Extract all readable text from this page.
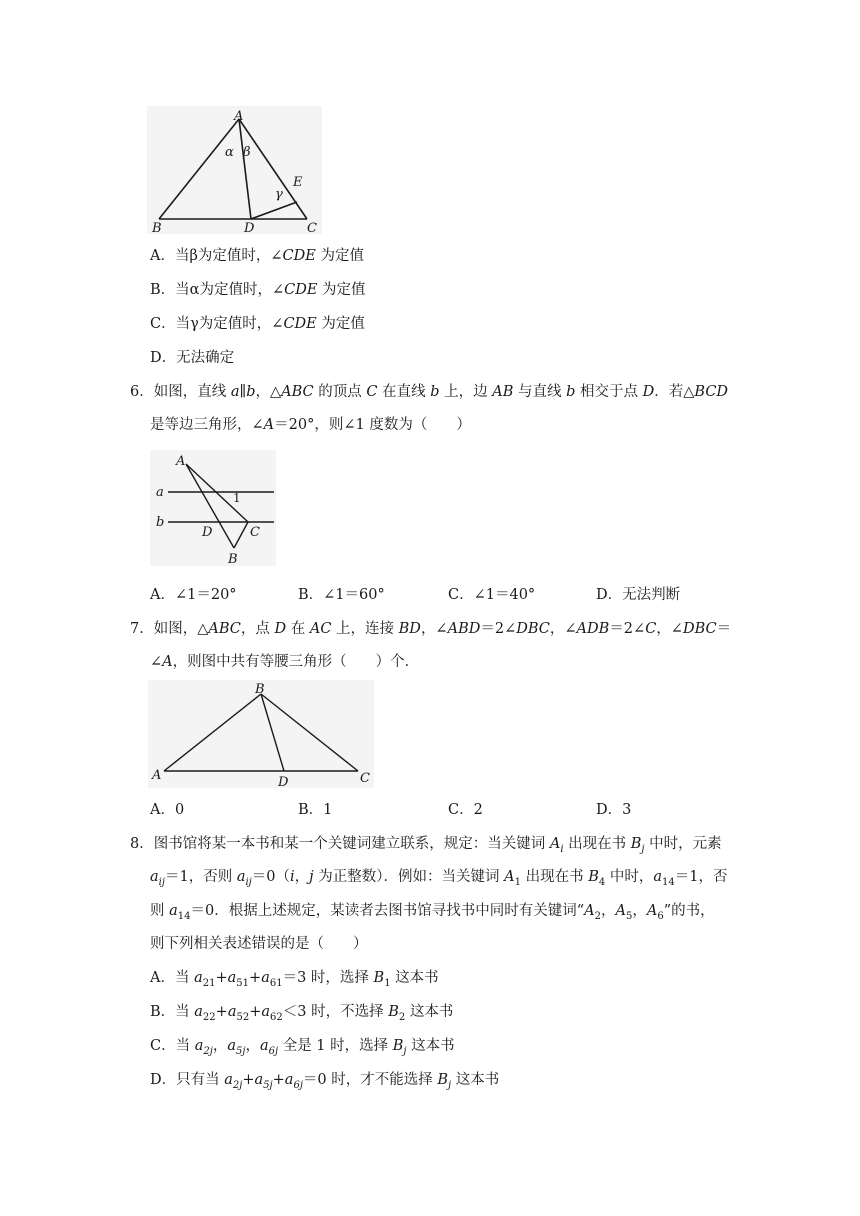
A
B	D	C
E
α β
γ
A．当β为定值时，∠CDE 为定值
B．当α为定值时，∠CDE 为定值
C．当γ为定值时，∠CDE 为定值
D．无法确定
6．如图，直线 a∥b，△ABC 的顶点 C 在直线 b 上，边 AB 与直线 b 相交于点 D．若△BCD
是等边三角形，∠A＝20°，则∠1 度数为（　　）
A
a	1
b
D	C
B
A．∠1＝20°	B．∠1＝60°	C．∠1＝40°	D．无法判断
7．如图，△ABC，点 D 在 AC 上，连接 BD，∠ABD＝2∠DBC，∠ADB＝2∠C，∠DBC＝
∠A，则图中共有等腰三角形（　　）个．
B
A	D	C
A．0	B．1	C．2	D．3
8．图书馆将某一本书和某一个关键词建立联系，规定：当关键词 $A_i$ 出现在书 $B_j$ 中时，元素
$a_{ij}=1$，否则 $a_{ij}=0(i$，j 为正整数）．例如：当关键词 $A_1$ 出现在书 $B_4$ 中时，$a_{14}=1$，否
则 $a_{14}=0$．根据上述规定，某读者去图书馆寻找书中同时有关键词“$A_2$，$A_5$，$A_6$”的书，
则下列相关表述错误的是（　　）
A．当 $a_{21}+a_{51}+a_{61}=3$ 时，选择 $B_1$ 这本书
B．当 $a_{22}+a_{52}+a_{62}<3$ 时，不选择 $B_2$ 这本书
C．当 $a_{2j}$，$a_{5j}$，$a_{6j}$ 全是 1 时，选择 $B_j$ 这本书
D．只有当 $a_{2j}+a_{5j}+a_{6j}=0$ 时，才不能选择 $B_j$ 这本书
